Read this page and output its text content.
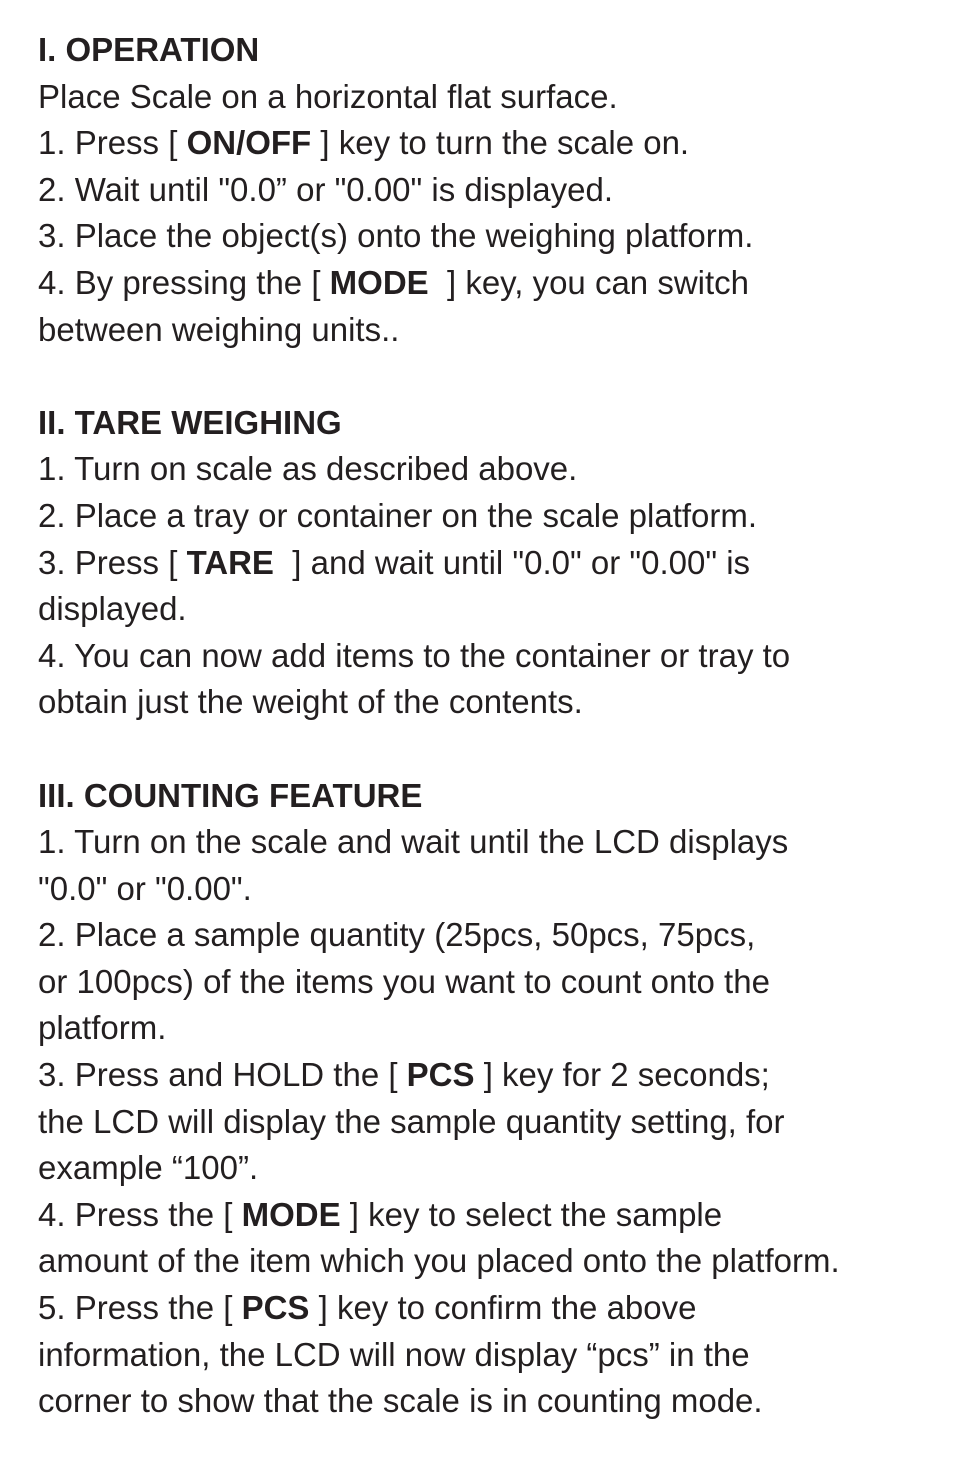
I. OPERATION
Place Scale on a horizontal flat surface.
1. Press [ ON/OFF ] key to turn the scale on.
2. Wait until "0.0” or "0.00" is displayed.
3. Place the object(s) onto the weighing platform.
4. By pressing the [ MODE  ] key, you can switch
between weighing units..
II. TARE WEIGHING
1. Turn on scale as described above.
2. Place a tray or container on the scale platform.
3. Press [ TARE  ] and wait until "0.0" or "0.00" is
displayed.
4. You can now add items to the container or tray to
obtain just the weight of the contents.
III. COUNTING FEATURE
1. Turn on the scale and wait until the LCD displays
"0.0" or "0.00".
2. Place a sample quantity (25pcs, 50pcs, 75pcs,
or 100pcs) of the items you want to count onto the
platform.
3. Press and HOLD the [ PCS ] key for 2 seconds;
the LCD will display the sample quantity setting, for
example “100”.
4. Press the [ MODE ] key to select the sample
amount of the item which you placed onto the platform.
5. Press the [ PCS ] key to confirm the above
information, the LCD will now display “pcs” in the
corner to show that the scale is in counting mode.
